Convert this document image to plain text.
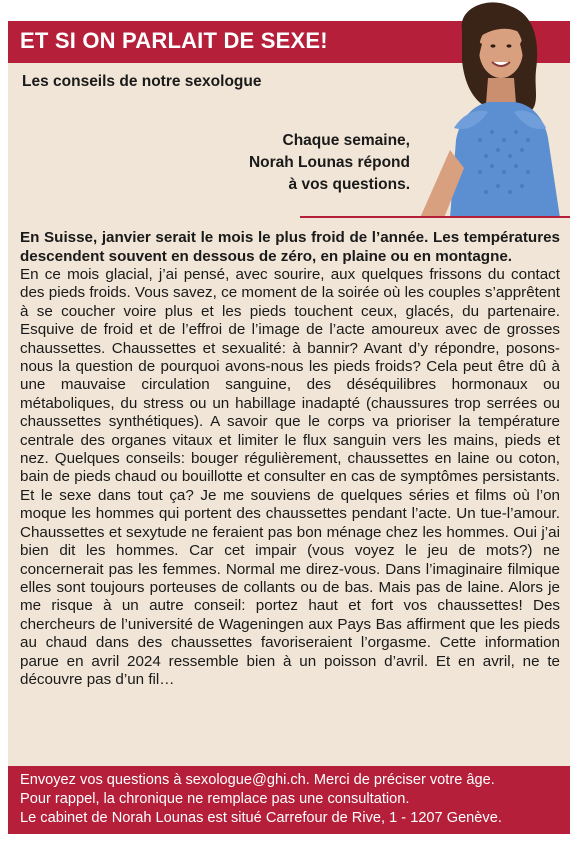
ET SI ON PARLAIT DE SEXE!
Les conseils de notre sexologue
Chaque semaine,
Norah Lounas répond
à vos questions.
En Suisse, janvier serait le mois le plus froid de l’année. Les températures descendent souvent en dessous de zéro, en plaine ou en montagne.
En ce mois glacial, j’ai pensé, avec sourire, aux quelques frissons du contact des pieds froids. Vous savez, ce moment de la soirée où les couples s’apprêtent à se coucher voire plus et les pieds touchent ceux, glacés, du partenaire. Esquive de froid et de l’effroi de l’image de l’acte amoureux avec de grosses chaussettes. Chaussettes et sexualité: à bannir? Avant d’y répondre, posons-nous la question de pourquoi avons-nous les pieds froids? Cela peut être dû à une mauvaise circulation sanguine, des déséquilibres hormonaux ou métaboliques, du stress ou un habillage inadapté (chaussures trop serrées ou chaussettes synthétiques). A savoir que le corps va prioriser la température centrale des organes vitaux et limiter le flux sanguin vers les mains, pieds et nez. Quelques conseils: bouger régulièrement, chaussettes en laine ou coton, bain de pieds chaud ou bouillotte et consulter en cas de symptômes persistants. Et le sexe dans tout ça? Je me souviens de quelques séries et films où l’on moque les hommes qui portent des chaussettes pendant l’acte. Un tue-l’amour. Chaussettes et sexytude ne feraient pas bon ménage chez les hommes. Oui j’ai bien dit les hommes. Car cet impair (vous voyez le jeu de mots?) ne concernerait pas les femmes. Normal me direz-vous. Dans l’imaginaire filmique elles sont toujours porteuses de collants ou de bas. Mais pas de laine. Alors je me risque à un autre conseil: portez haut et fort vos chaussettes! Des chercheurs de l’université de Wageningen aux Pays Bas affirment que les pieds au chaud dans des chaussettes favoriseraient l’orgasme. Cette information parue en avril 2024 ressemble bien à un poisson d’avril. Et en avril, ne te découvre pas d’un fil…
Envoyez vos questions à sexologue@ghi.ch. Merci de préciser votre âge.
Pour rappel, la chronique ne remplace pas une consultation.
Le cabinet de Norah Lounas est situé Carrefour de Rive, 1 - 1207 Genève.
